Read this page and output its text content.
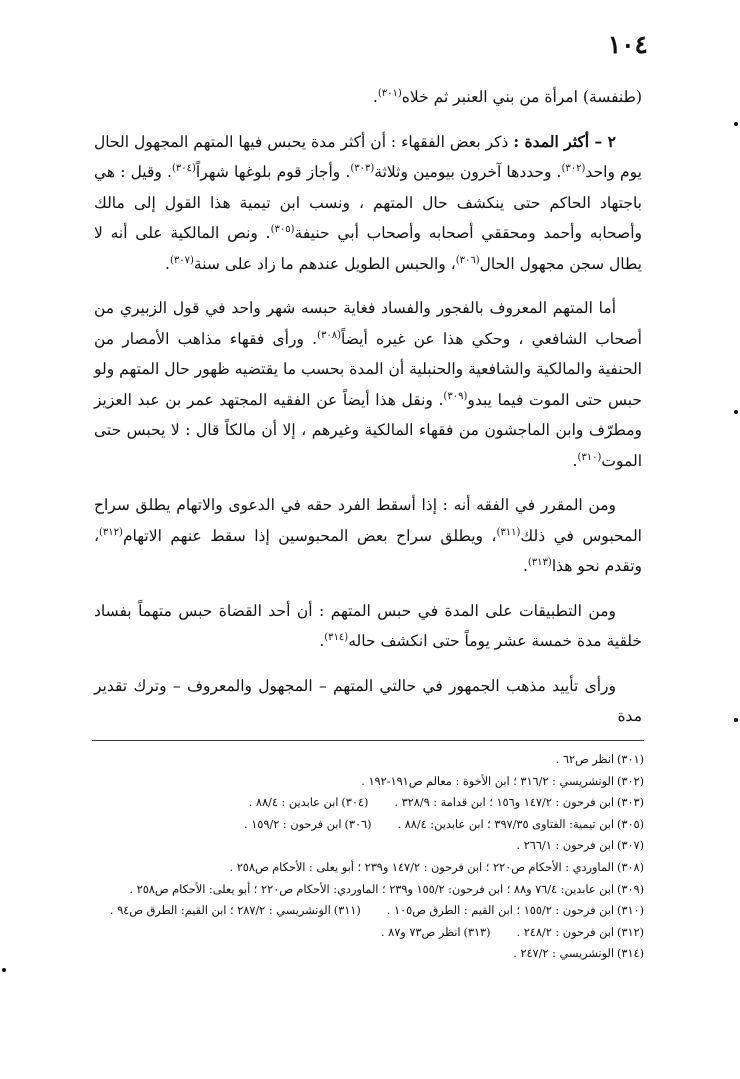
١٠٤

(طنفسة) امرأة من بني العنبر ثم خلاه$^{(٣٠١)}$.

٢ – أكثر المدة : ذكر بعض الفقهاء : أن أكثر مدة يحبس فيها المتهم المجهول الحال يوم واحد$^{(٣٠٢)}$. وحددها آخرون بيومين وثلاثة$^{(٣٠٣)}$. وأجاز قوم بلوغها شهراً$^{(٣٠٤)}$. وقيل : هي باجتهاد الحاكم حتى ينكشف حال المتهم ، ونسب ابن تيمية هذا القول إلى مالك وأصحابه وأحمد ومحققي أصحابه وأصحاب أبي حنيفة$^{(٣٠٥)}$. ونص المالكية على أنه لا يطال سجن مجهول الحال$^{(٣٠٦)}$، والحبس الطويل عندهم ما زاد على سنة$^{(٣٠٧)}$.

أما المتهم المعروف بالفجور والفساد فغاية حبسه شهر واحد في قول الزبيري من أصحاب الشافعي ، وحكي هذا عن غيره أيضاً$^{(٣٠٨)}$. ورأى فقهاء مذاهب الأمصار من الحنفية والمالكية والشافعية والحنبلية أن المدة بحسب ما يقتضيه ظهور حال المتهم ولو حبس حتى الموت فيما يبدو$^{(٣٠٩)}$. ونقل هذا أيضاً عن الفقيه المجتهد عمر بن عبد العزيز ومطرّف وابن الماجشون من فقهاء المالكية وغيرهم ، إلا أن مالكاً قال : لا يحبس حتى الموت$^{(٣١٠)}$.

ومن المقرر في الفقه أنه : إذا أسقط الفرد حقه في الدعوى والاتهام يطلق سراح المحبوس في ذلك$^{(٣١١)}$، ويطلق سراح بعض المحبوسين إذا سقط عنهم الاتهام$^{(٣١٢)}$، وتقدم نحو هذا$^{(٣١٣)}$.

ومن التطبيقات على المدة في حبس المتهم : أن أحد القضاة حبس متهماً بفساد خلقية مدة خمسة عشر يوماً حتى انكشف حاله$^{(٣١٤)}$.

ورأى تأييد مذهب الجمهور في حالتي المتهم – المجهول والمعروف – وترك تقدير مدة

(٣٠١)انظر ص٦٢ .
(٣٠٢)الونشريسي : ٣١٦/٢ ؛ ابن الأخوة : معالم ص١٩١-١٩٢ .
(٣٠٣)ابن فرحون : ١٤٧/٢ و١٥٦ ؛ ابن قدامة : ٣٢٨/٩ .
(٣٠٤)ابن عابدين : ٨٨/٤ .
(٣٠٥)ابن تيمية: الفتاوى ٣٩٧/٣٥ ؛ ابن عابدين: ٨٨/٤ .
(٣٠٦)ابن فرحون : ١٥٩/٢ .
(٣٠٧)ابن فرحون : ٢٦٦/١ .
(٣٠٨)الماوردي : الأحكام ص٢٢٠ ؛ ابن فرحون : ١٤٧/٢ و٢٣٩ ؛ أبو يعلى : الأحكام ص٢٥٨ .
(٣٠٩)ابن عابدين: ٧٦/٤ و٨٨ ؛ ابن فرحون: ١٥٥/٢ و٢٣٩ ؛ الماوردي: الأحكام ص٢٢٠ ؛ أبو يعلى: الأحكام ص٢٥٨ .
(٣١٠)ابن فرحون : ١٥٥/٢ ؛ ابن القيم : الطرق ص١٠٥ .
(٣١١)الونشريسي : ٢٨٧/٢ ؛ ابن القيم: الطرق ص٩٤ .
(٣١٢)ابن فرحون : ٢٤٨/٢ .
(٣١٣)انظر ص٧٣ و٨٧ .
(٣١٤)الونشريسي : ٢٤٧/٢ .
